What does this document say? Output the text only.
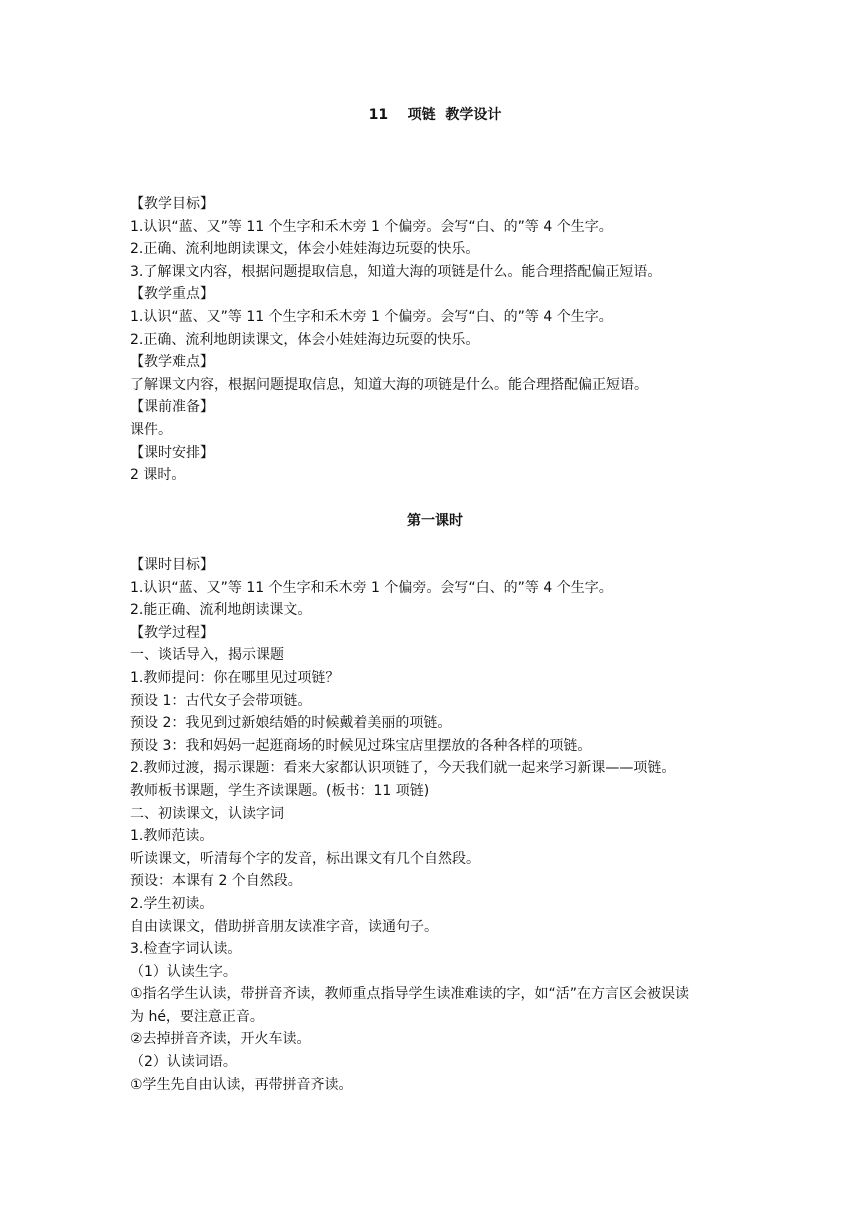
11    项链  教学设计
【教学目标】
1.认识“蓝、又”等 11 个生字和禾木旁 1 个偏旁。会写“白、的”等 4 个生字。
2.正确、流利地朗读课文，体会小娃娃海边玩耍的快乐。
3.了解课文内容，根据问题提取信息，知道大海的项链是什么。能合理搭配偏正短语。
【教学重点】
1.认识“蓝、又”等 11 个生字和禾木旁 1 个偏旁。会写“白、的”等 4 个生字。
2.正确、流利地朗读课文，体会小娃娃海边玩耍的快乐。
【教学难点】
了解课文内容，根据问题提取信息，知道大海的项链是什么。能合理搭配偏正短语。
【课前准备】
课件。
【课时安排】
2 课时。
第一课时
【课时目标】
1.认识“蓝、又”等 11 个生字和禾木旁 1 个偏旁。会写“白、的”等 4 个生字。
2.能正确、流利地朗读课文。
【教学过程】
一、谈话导入，揭示课题
1.教师提问：你在哪里见过项链？
预设 1：古代女子会带项链。
预设 2：我见到过新娘结婚的时候戴着美丽的项链。
预设 3：我和妈妈一起逛商场的时候见过珠宝店里摆放的各种各样的项链。
2.教师过渡，揭示课题：看来大家都认识项链了，今天我们就一起来学习新课——项链。
教师板书课题，学生齐读课题。(板书：11 项链)
二、初读课文，认读字词
1.教师范读。
听读课文，听清每个字的发音，标出课文有几个自然段。
预设：本课有 2 个自然段。
2.学生初读。
自由读课文，借助拼音朋友读准字音，读通句子。
3.检查字词认读。
（1）认读生字。
①指名学生认读，带拼音齐读，教师重点指导学生读准难读的字，如“活”在方言区会被误读
为 hé，要注意正音。
②去掉拼音齐读，开火车读。
（2）认读词语。
①学生先自由认读，再带拼音齐读。
